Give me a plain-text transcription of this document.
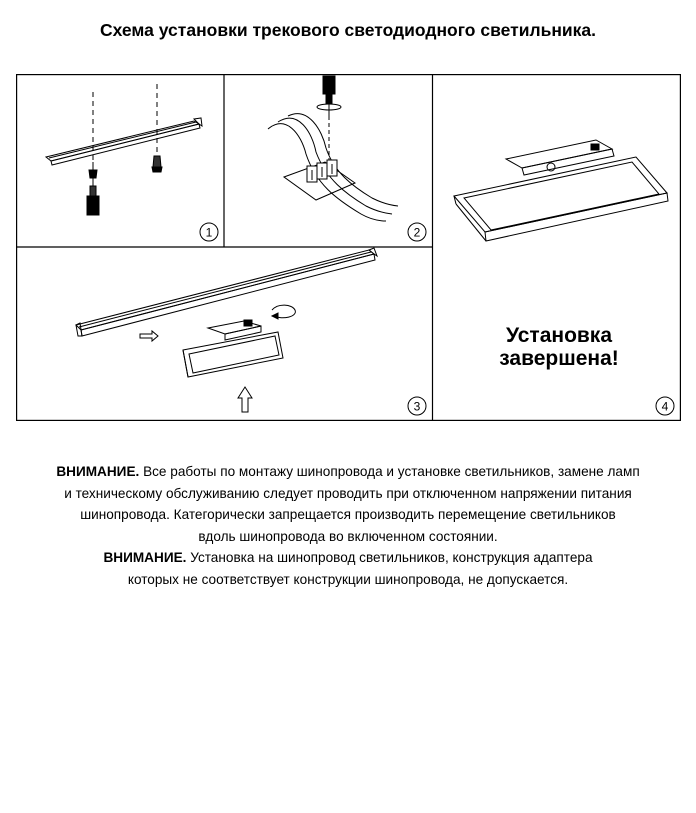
Схема установки трекового светодиодного светильника.
1	2
3
Установка
завершена!
4
ВНИМАНИЕ. Все работы по монтажу шинопровода и установке светильников, замене ламп
и техническому обслуживанию следует проводить при отключенном напряжении питания
шинопровода. Категорически запрещается производить перемещение светильников
вдоль шинопровода во включенном состоянии.
ВНИМАНИЕ. Установка на шинопровод светильников, конструкция адаптера
которых не соответствует конструкции шинопровода, не допускается.
